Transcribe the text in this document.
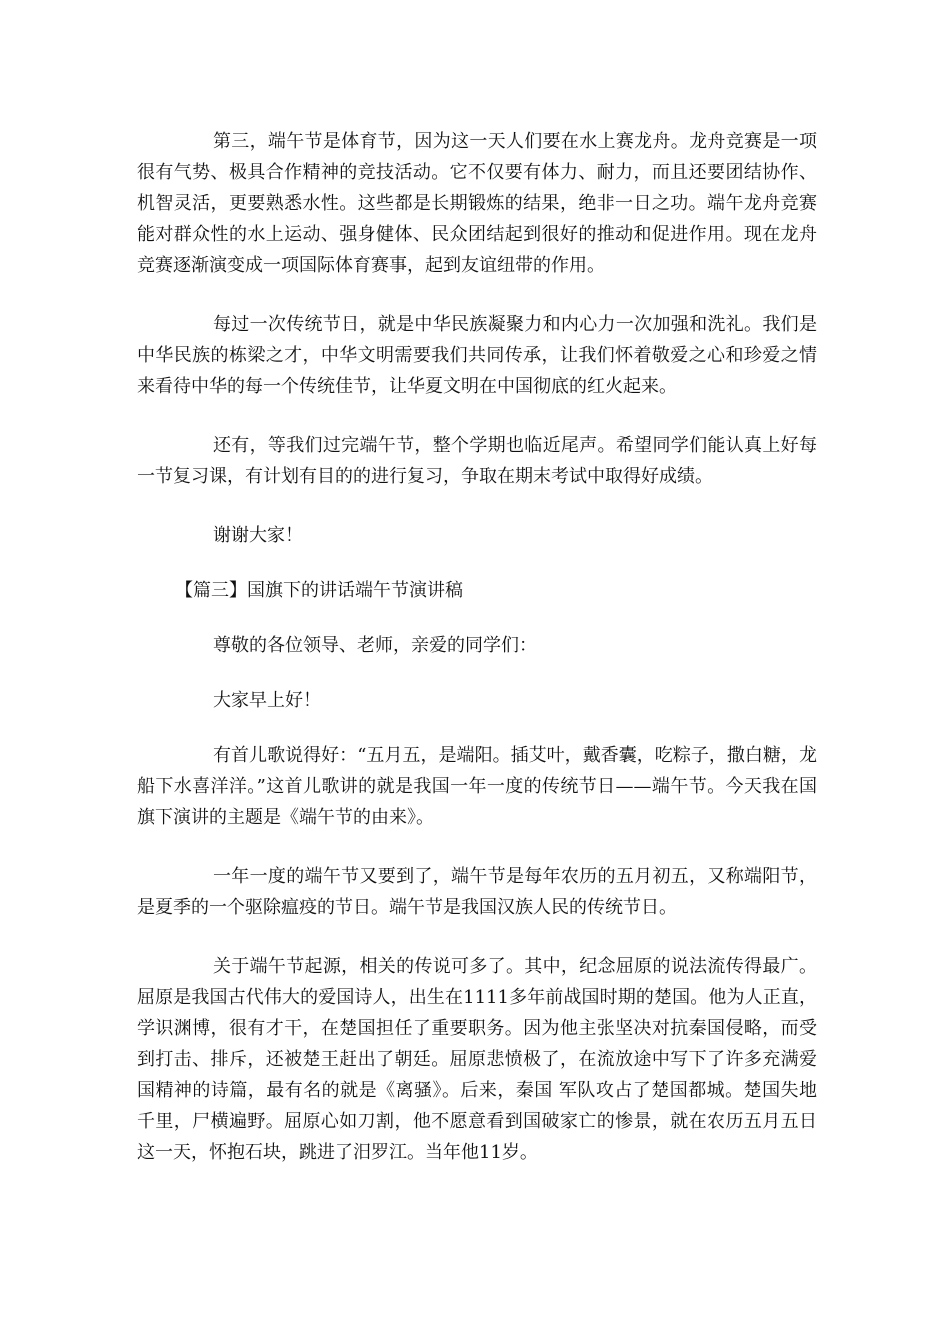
第三，端午节是体育节，因为这一天人们要在水上赛龙舟。龙舟竞赛是一项很有气势、极具合作精神的竞技活动。它不仅要有体力、耐力，而且还要团结协作、机智灵活，更要熟悉水性。这些都是长期锻炼的结果，绝非一日之功。端午龙舟竞赛能对群众性的水上运动、强身健体、民众团结起到很好的推动和促进作用。现在龙舟竞赛逐渐演变成一项国际体育赛事，起到友谊纽带的作用。

每过一次传统节日，就是中华民族凝聚力和内心力一次加强和洗礼。我们是中华民族的栋梁之才，中华文明需要我们共同传承，让我们怀着敬爱之心和珍爱之情来看待中华的每一个传统佳节，让华夏文明在中国彻底的红火起来。

还有，等我们过完端午节，整个学期也临近尾声。希望同学们能认真上好每一节复习课，有计划有目的的进行复习，争取在期末考试中取得好成绩。

谢谢大家！

【篇三】国旗下的讲话端午节演讲稿

尊敬的各位领导、老师，亲爱的同学们：

大家早上好！

有首儿歌说得好：“五月五，是端阳。插艾叶，戴香囊，吃粽子，撒白糖，龙船下水喜洋洋。”这首儿歌讲的就是我国一年一度的传统节日——端午节。今天我在国旗下演讲的主题是《端午节的由来》。

一年一度的端午节又要到了，端午节是每年农历的五月初五，又称端阳节，是夏季的一个驱除瘟疫的节日。端午节是我国汉族人民的传统节日。

关于端午节起源，相关的传说可多了。其中，纪念屈原的说法流传得最广。屈原是我国古代伟大的爱国诗人，出生在1111多年前战国时期的楚国。他为人正直，学识渊博，很有才干，在楚国担任了重要职务。因为他主张坚决对抗秦国侵略，而受到打击、排斥，还被楚王赶出了朝廷。屈原悲愤极了，在流放途中写下了许多充满爱国精神的诗篇，最有名的就是《离骚》。后来，秦国 军队攻占了楚国都城。楚国失地千里，尸横遍野。屈原心如刀割，他不愿意看到国破家亡的惨景，就在农历五月五日这一天，怀抱石块，跳进了汨罗江。当年他11岁。
